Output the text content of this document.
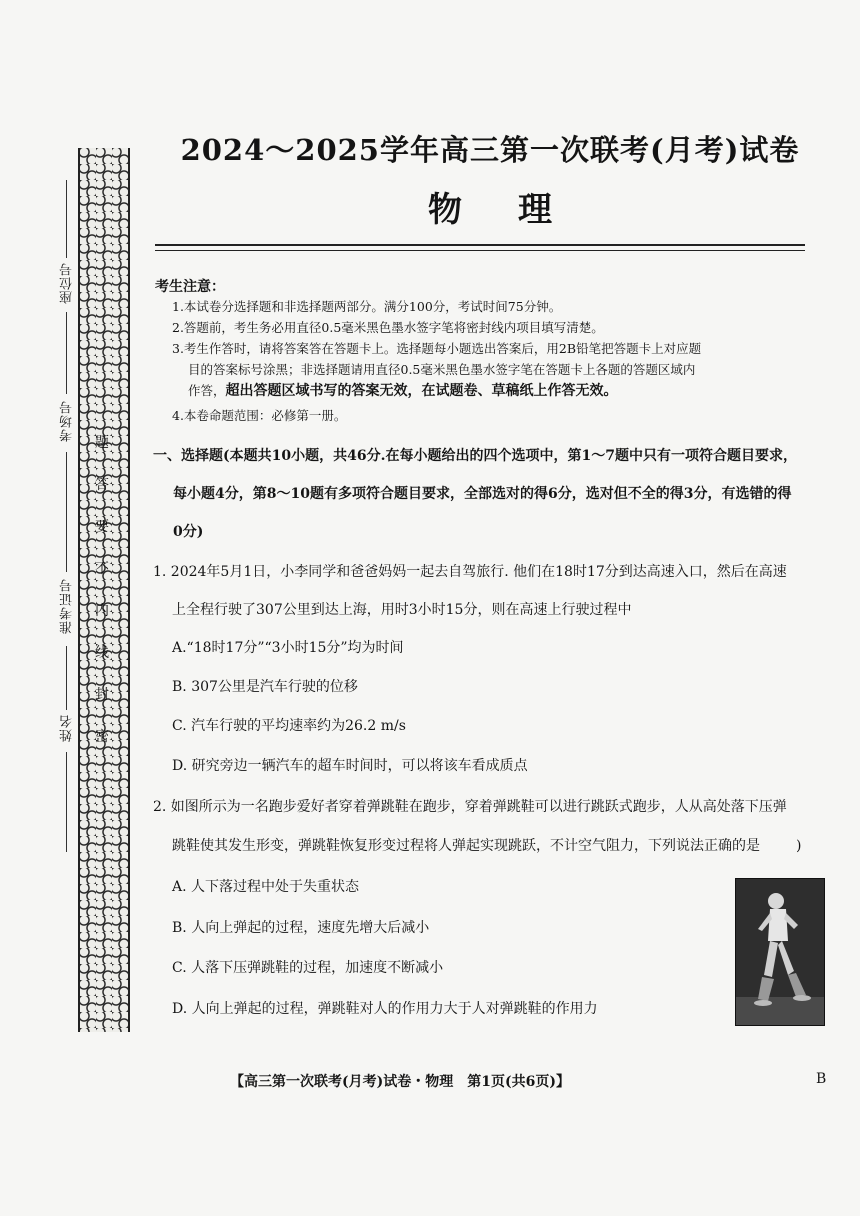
座位号
考场号
准考证号
姓名
题
答
要
不
内
线
封
密
2024～2025学年高三第一次联考(月考)试卷
物理
考生注意：
1.本试卷分选择题和非选择题两部分。满分100分，考试时间75分钟。
2.答题前，考生务必用直径0.5毫米黑色墨水签字笔将密封线内项目填写清楚。
3.考生作答时，请将答案答在答题卡上。选择题每小题选出答案后，用2B铅笔把答题卡上对应题
目的答案标号涂黑；非选择题请用直径0.5毫米黑色墨水签字笔在答题卡上各题的答题区域内
作答，超出答题区域书写的答案无效，在试题卷、草稿纸上作答无效。
4.本卷命题范围：必修第一册。
一、选择题(本题共10小题，共46分.在每小题给出的四个选项中，第1～7题中只有一项符合题目要求，
每小题4分，第8～10题有多项符合题目要求，全部选对的得6分，选对但不全的得3分，有选错的得
0分)
1. 2024年5月1日，小李同学和爸爸妈妈一起去自驾旅行. 他们在18时17分到达高速入口，然后在高速
上全程行驶了307公里到达上海，用时3小时15分，则在高速上行驶过程中
A.“18时17分”“3小时15分”均为时间
B. 307公里是汽车行驶的位移
C. 汽车行驶的平均速率约为26.2 m/s
D. 研究旁边一辆汽车的超车时间时，可以将该车看成质点
2. 如图所示为一名跑步爱好者穿着弹跳鞋在跑步，穿着弹跳鞋可以进行跳跃式跑步，人从高处落下压弹
跳鞋使其发生形变，弹跳鞋恢复形变过程将人弹起实现跳跃，不计空气阻力，下列说法正确的是	)
A. 人下落过程中处于失重状态
B. 人向上弹起的过程，速度先增大后减小
C. 人落下压弹跳鞋的过程，加速度不断减小
D. 人向上弹起的过程，弹跳鞋对人的作用力大于人对弹跳鞋的作用力
【高三第一次联考(月考)试卷・物理　第1页(共6页)】	B
